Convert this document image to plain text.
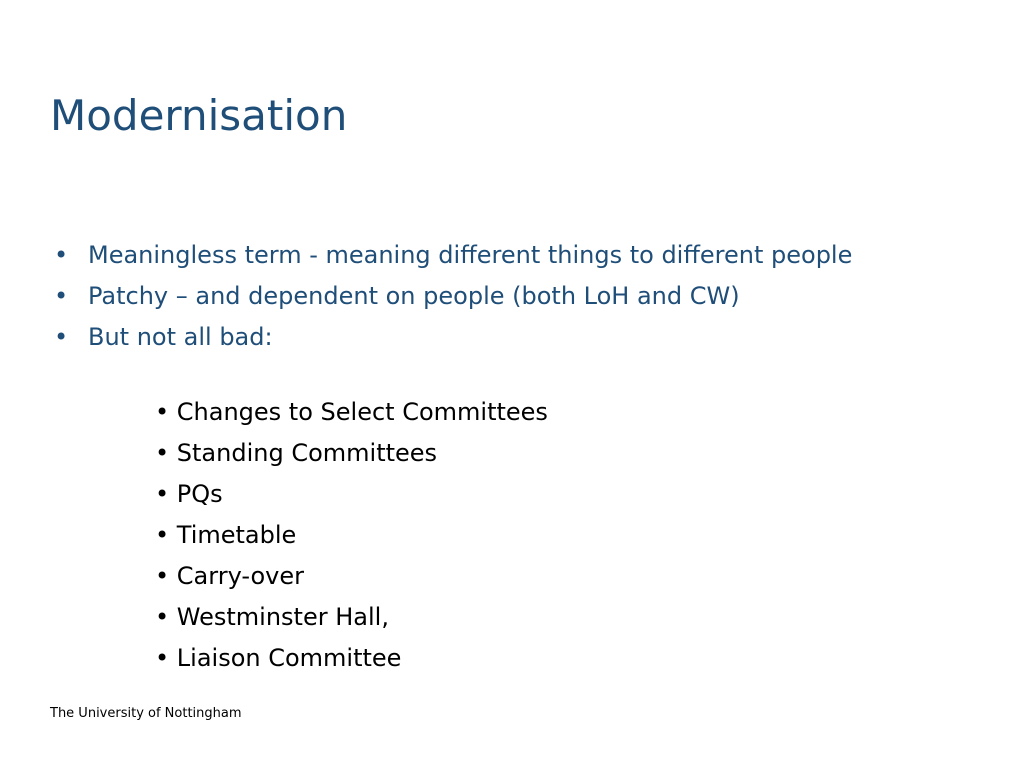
Modernisation
• Meaningless term - meaning different things to different people
• Patchy – and dependent on people (both LoH and CW)
• But not all bad:
• Changes to Select Committees
• Standing Committees
• PQs
• Timetable
• Carry-over
• Westminster Hall,
• Liaison Committee
The University of Nottingham
